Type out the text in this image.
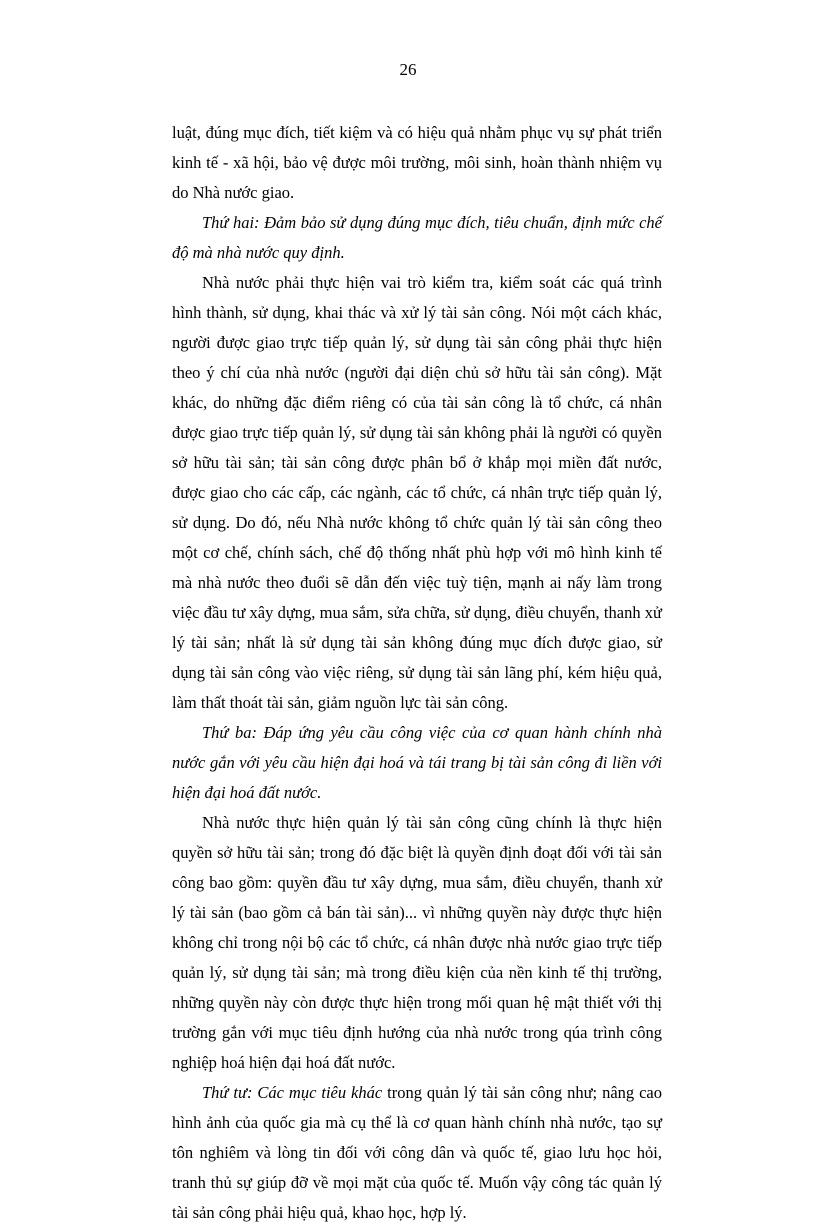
26

luật, đúng mục đích, tiết kiệm và có hiệu quả nhằm phục vụ sự phát triển kinh tế - xã hội, bảo vệ được môi trường, môi sinh, hoàn thành nhiệm vụ do Nhà nước giao.

Thứ hai: Đảm bảo sử dụng đúng mục đích, tiêu chuẩn, định mức chế độ mà nhà nước quy định.

Nhà nước phải thực hiện vai trò kiểm tra, kiểm soát các quá trình hình thành, sử dụng, khai thác và xử lý tài sản công. Nói một cách khác, người được giao trực tiếp quản lý, sử dụng tài sản công phải thực hiện theo ý chí của nhà nước (người đại diện chủ sở hữu tài sản công). Mặt khác, do những đặc điểm riêng có của tài sản công là tổ chức, cá nhân được giao trực tiếp quản lý, sử dụng tài sản không phải là người có quyền sở hữu tài sản; tài sản công được phân bổ ở khắp mọi miền đất nước, được giao cho các cấp, các ngành, các tổ chức, cá nhân trực tiếp quản lý, sử dụng. Do đó, nếu Nhà nước không tổ chức quản lý tài sản công theo một cơ chế, chính sách, chế độ thống nhất phù hợp với mô hình kinh tế mà nhà nước theo đuổi sẽ dẫn đến việc tuỳ tiện, mạnh ai nấy làm trong việc đầu tư xây dựng, mua sắm, sửa chữa, sử dụng, điều chuyển, thanh xử lý tài sản; nhất là sử dụng tài sản không đúng mục đích được giao, sử dụng tài sản công vào việc riêng, sử dụng tài sản lãng phí, kém hiệu quả, làm thất thoát tài sản, giảm nguồn lực tài sản công.

Thứ ba: Đáp ứng yêu cầu công việc của cơ quan hành chính nhà nước gắn với yêu cầu hiện đại hoá và tái trang bị tài sản công đi liền với hiện đại hoá đất nước.

Nhà nước thực hiện quản lý tài sản công cũng chính là thực hiện quyền sở hữu tài sản; trong đó đặc biệt là quyền định đoạt đối với tài sản công bao gồm: quyền đầu tư xây dựng, mua sắm, điều chuyển, thanh xử lý tài sản (bao gồm cả bán tài sản)... vì những quyền này được thực hiện không chỉ trong nội bộ các tổ chức, cá nhân được nhà nước giao trực tiếp quản lý, sử dụng tài sản; mà trong điều kiện của nền kinh tế thị trường, những quyền này còn được thực hiện trong mối quan hệ mật thiết với thị trường gắn với mục tiêu định hướng của nhà nước trong qúa trình công nghiệp hoá hiện đại hoá đất nước.

Thứ tư: Các mục tiêu khác trong quản lý tài sản công như; nâng cao hình ảnh của quốc gia mà cụ thể là cơ quan hành chính nhà nước, tạo sự tôn nghiêm và lòng tin đối với công dân và quốc tế, giao lưu học hỏi, tranh thủ sự giúp đỡ về mọi mặt của quốc tế. Muốn vậy công tác quản lý tài sản công phải hiệu quả, khao học, hợp lý.
